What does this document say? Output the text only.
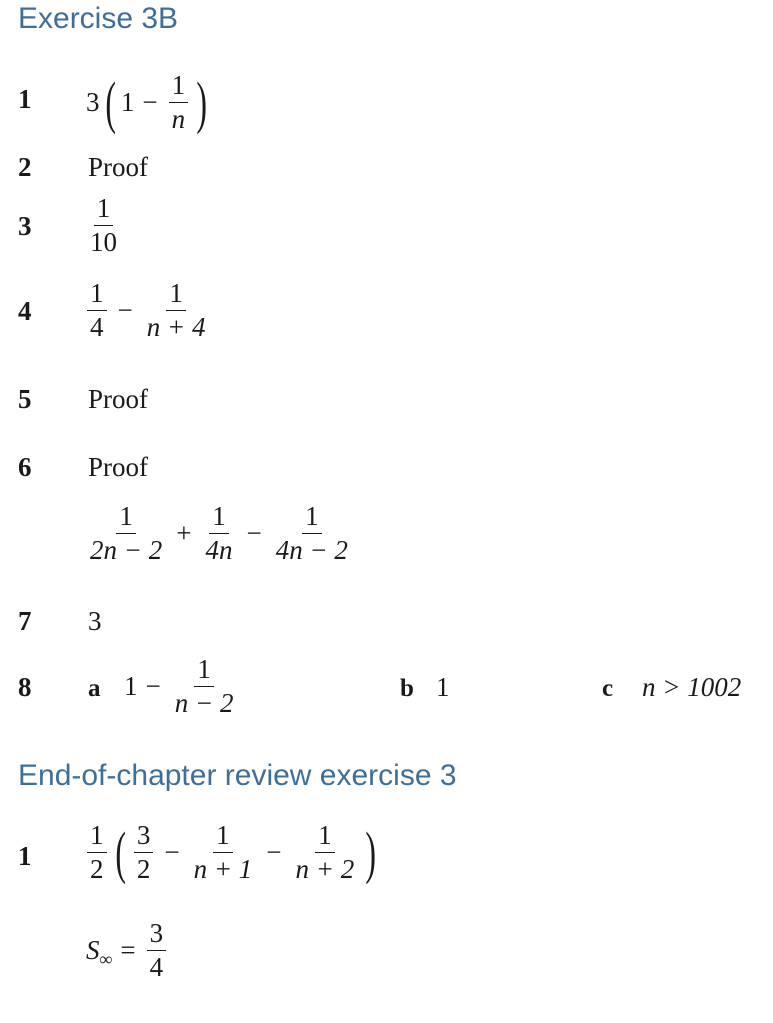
Exercise 3B
1 3 ( $1 - \frac{1}{n}$ )
2 Proof
$3 \frac{1}{10}$
$4 \frac{1}{4} - \frac{1}{n + 4}$
5 Proof
6 Proof
$\frac{1}{2n - 2} + \frac{1}{4n} - \frac{1}{4n - 2}$
7 3
8 a $1 - \frac{1}{n - 2}$	b 1	c n > 1002
End-of-chapter review exercise 3
$1 \frac{1}{2}$ ( $\frac{3}{2} - \frac{1}{n + 1} - \frac{1}{n + 2}$ )
S ∞ = $\frac{3}{4}$
